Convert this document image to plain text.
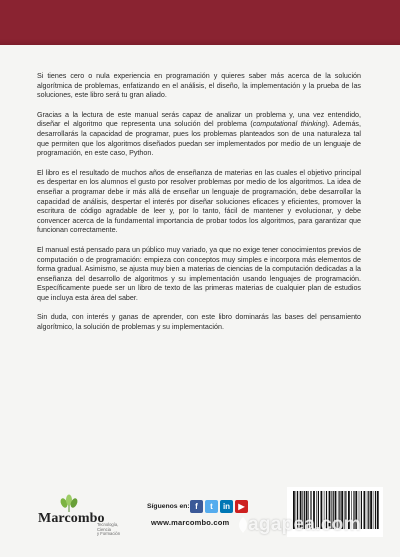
Si tienes cero o nula experiencia en programación y quieres saber más acerca de la solución algorítmica de problemas, enfatizando en el análisis, el diseño, la implementación y la prueba de las soluciones, este libro será tu gran aliado.

Gracias a la lectura de este manual serás capaz de analizar un problema y, una vez entendido, diseñar el algoritmo que representa una solución del problema (computational thinking). Además, desarrollarás la capacidad de programar, pues los problemas planteados son de una naturaleza tal que permiten que los algoritmos diseñados puedan ser implementados por medio de un lenguaje de programación, en este caso, Python.

El libro es el resultado de muchos años de enseñanza de materias en las cuales el objetivo principal es despertar en los alumnos el gusto por resolver problemas por medio de los algoritmos. La idea de enseñar a programar debe ir más allá de enseñar un lenguaje de programación, debe desarrollar la capacidad de análisis, despertar el interés por diseñar soluciones eficaces y eficientes, promover la escritura de código agradable de leer y, por lo tanto, fácil de mantener y evolucionar, y debe convencer acerca de la fundamental importancia de probar todos los algoritmos, para garantizar que funcionan correctamente.

El manual está pensado para un público muy variado, ya que no exige tener conocimientos previos de computación o de programación: empieza con conceptos muy simples e incorpora más elementos de forma gradual. Asimismo, se ajusta muy bien a materias de ciencias de la computación dedicadas a la enseñanza del desarrollo de algoritmos y su implementación usando lenguajes de programación. Específicamente puede ser un libro de texto de las primeras materias de cualquier plan de estudios que incluya esta área del saber.

Sin duda, con interés y ganas de aprender, con este libro dominarás las bases del pensamiento algorítmico, la solución de problemas y su implementación.

Marcombo
Tecnología,
Ciencia
y Formación
Síguenos en: f	t	in	▶
www.marcombo.com agapea.com
